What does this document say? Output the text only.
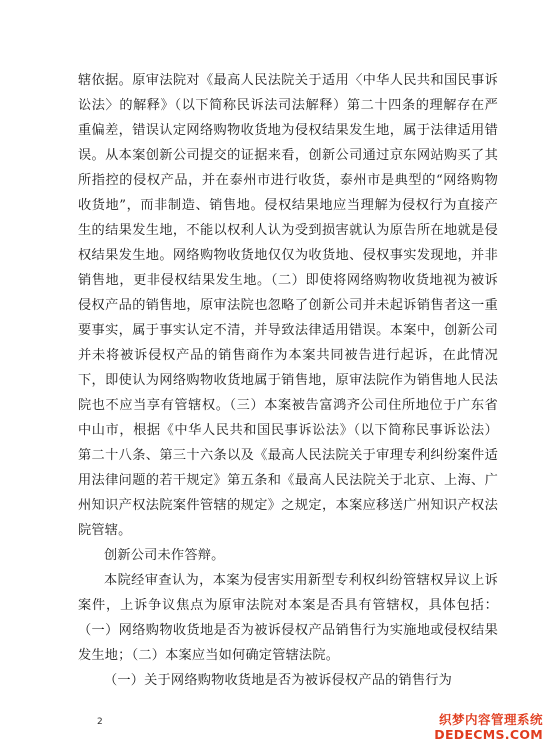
辖依据。原审法院对《最高人民法院关于适用〈中华人民共和国民事诉讼法〉的解释》（以下简称民诉法司法解释）第二十四条的理解存在严重偏差，错误认定网络购物收货地为侵权结果发生地，属于法律适用错误。从本案创新公司提交的证据来看，创新公司通过京东网站购买了其所指控的侵权产品，并在泰州市进行收货，泰州市是典型的“网络购物收货地”，而非制造、销售地。侵权结果地应当理解为侵权行为直接产生的结果发生地，不能以权利人认为受到损害就认为原告所在地就是侵权结果发生地。网络购物收货地仅仅为收货地、侵权事实发现地，并非销售地，更非侵权结果发生地。（二）即使将网络购物收货地视为被诉侵权产品的销售地，原审法院也忽略了创新公司并未起诉销售者这一重要事实，属于事实认定不清，并导致法律适用错误。本案中，创新公司并未将被诉侵权产品的销售商作为本案共同被告进行起诉，在此情况下，即使认为网络购物收货地属于销售地，原审法院作为销售地人民法院也不应当享有管辖权。（三）本案被告富鸿齐公司住所地位于广东省中山市，根据《中华人民共和国民事诉讼法》（以下简称民事诉讼法）第二十八条、第三十六条以及《最高人民法院关于审理专利纠纷案件适用法律问题的若干规定》第五条和《最高人民法院关于北京、上海、广州知识产权法院案件管辖的规定》之规定，本案应移送广州知识产权法院管辖。

创新公司未作答辩。

本院经审查认为，本案为侵害实用新型专利权纠纷管辖权异议上诉案件，上诉争议焦点为原审法院对本案是否具有管辖权，具体包括：（一）网络购物收货地是否为被诉侵权产品销售行为实施地或侵权结果发生地；（二）本案应当如何确定管辖法院。

（一）关于网络购物收货地是否为被诉侵权产品的销售行为

2	织梦内容管理系统
DEDECMS.COM
